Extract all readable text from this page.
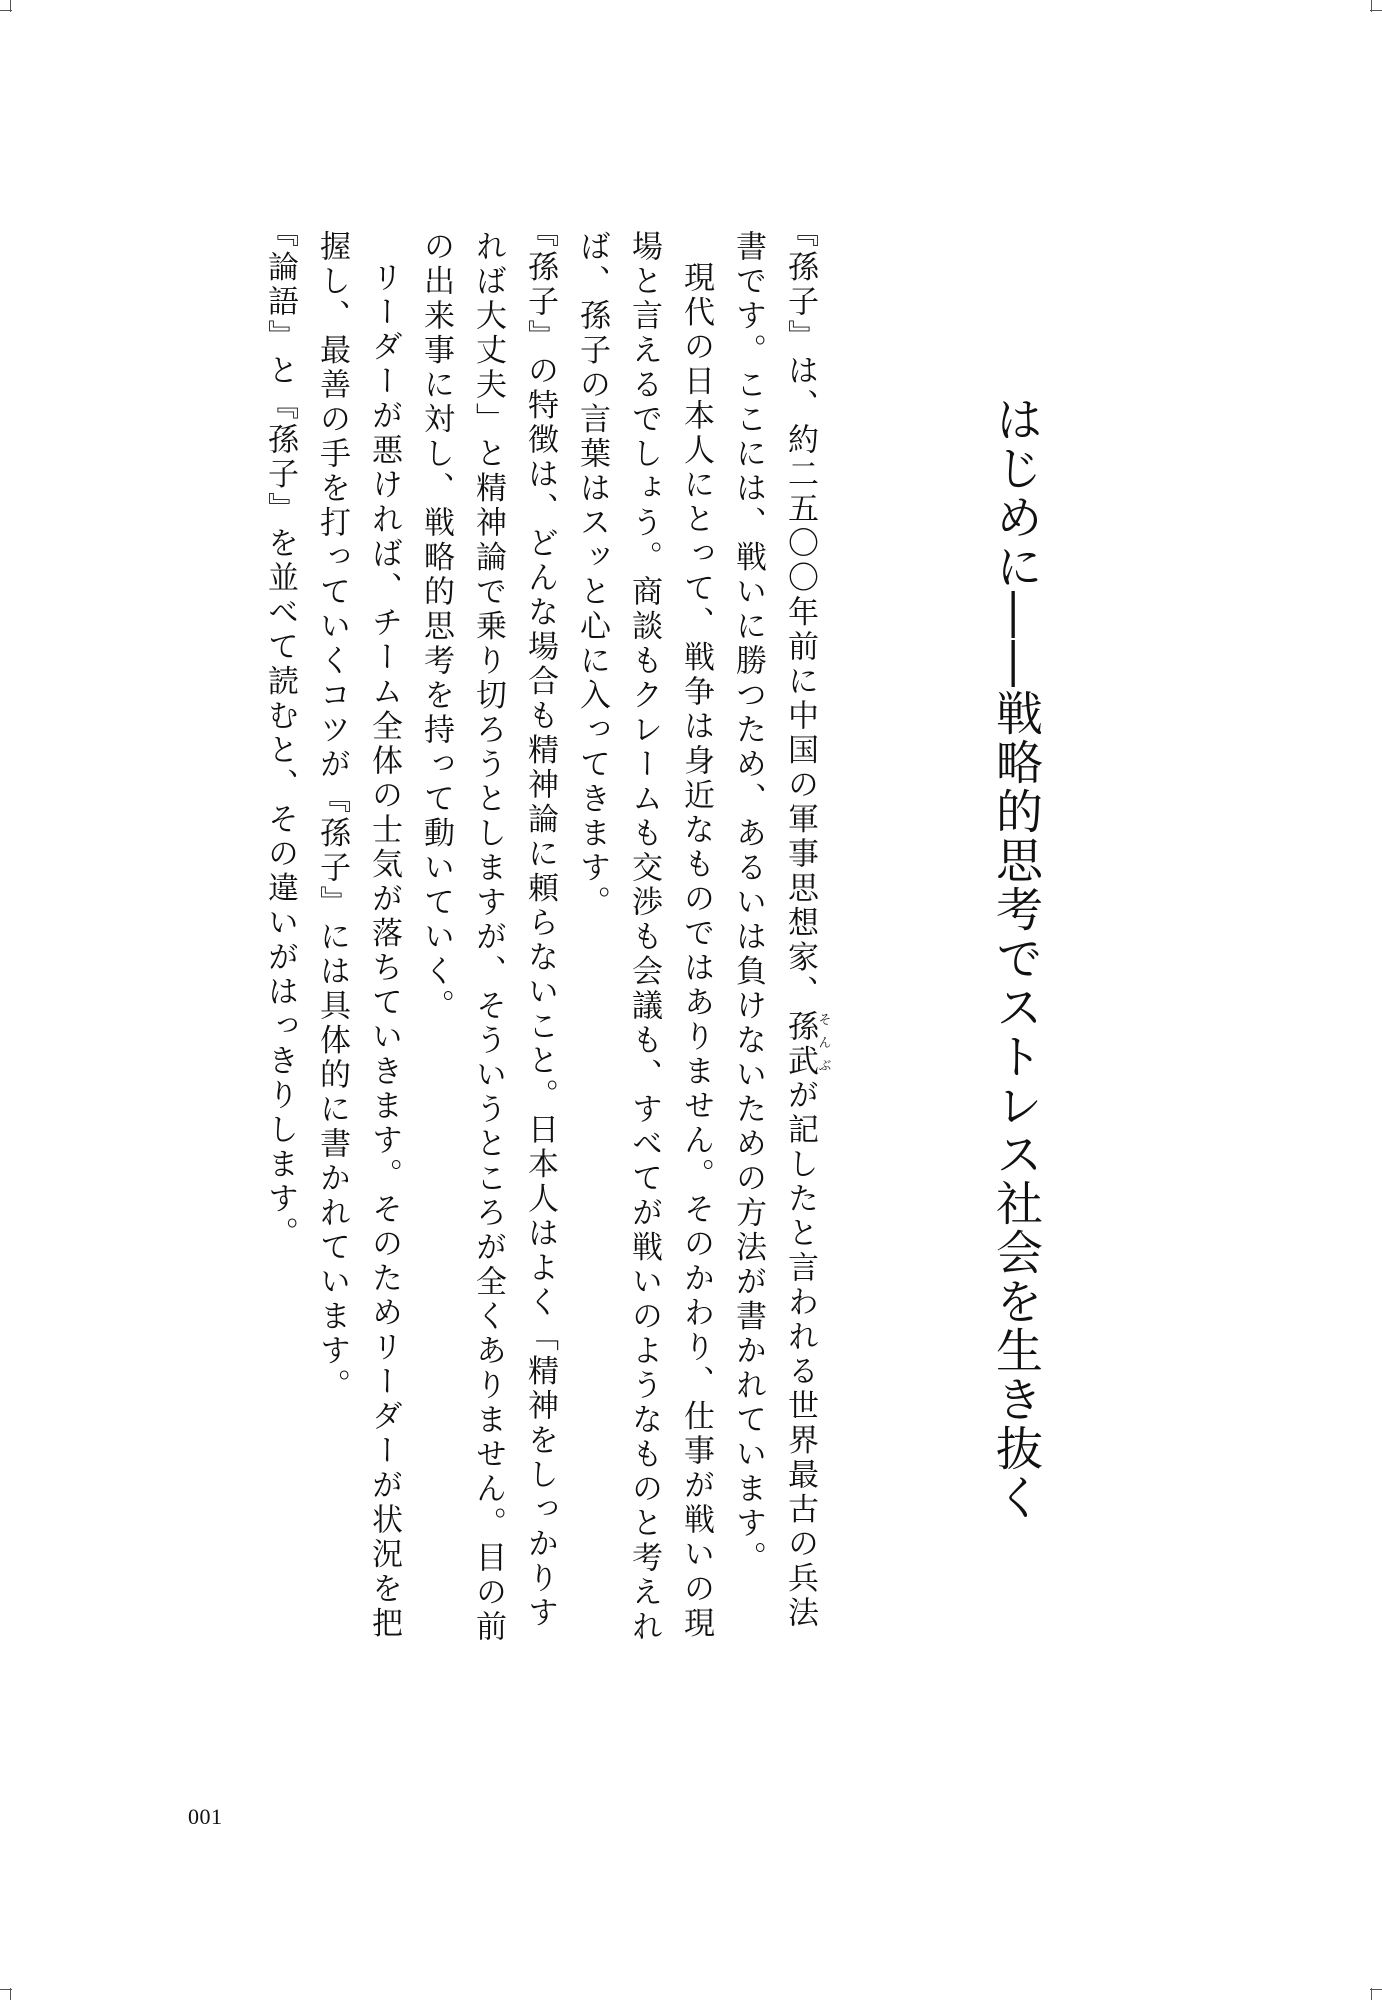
はじめに――戦略的思考でストレス社会を生き抜く

『孫子』は、約二五〇〇年前に中国の軍事思想家、孫武そんぶが記したと言われる世界最古の兵法書です。ここには、戦いに勝つため、あるいは負けないための方法が書かれています。

現代の日本人にとって、戦争は身近なものではありません。そのかわり、仕事が戦いの現場と言えるでしょう。商談もクレームも交渉も会議も、すべてが戦いのようなものと考えれば、孫子の言葉はスッと心に入ってきます。

『孫子』の特徴は、どんな場合も精神論に頼らないこと。日本人はよく「精神をしっかりすれば大丈夫」と精神論で乗り切ろうとしますが、そういうところが全くありません。目の前の出来事に対し、戦略的思考を持って動いていく。

リーダーが悪ければ、チーム全体の士気が落ちていきます。そのためリーダーが状況を把握し、最善の手を打っていくコツが『孫子』には具体的に書かれています。

『論語』と『孫子』を並べて読むと、その違いがはっきりします。

001
